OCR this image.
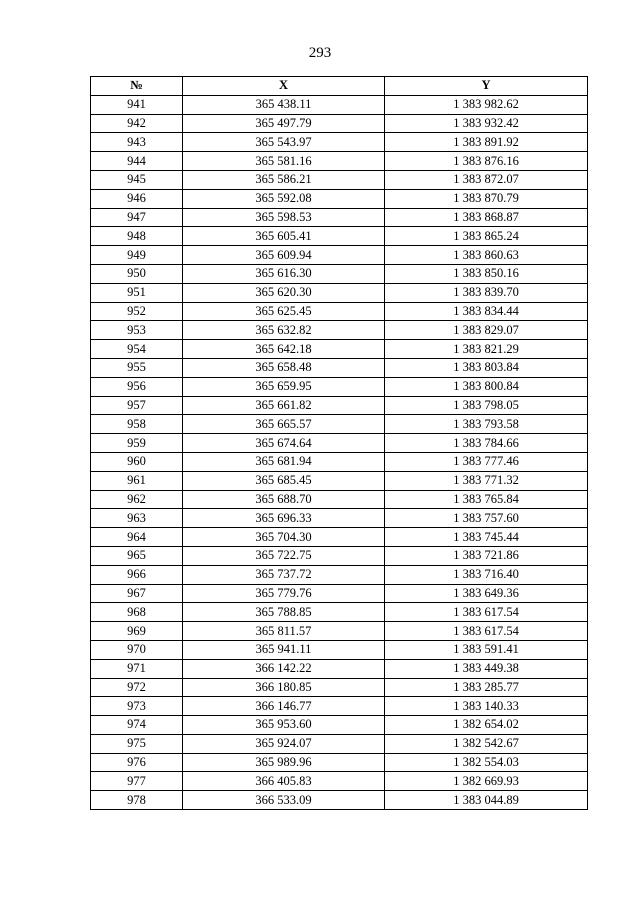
293
№	X	Y
941	365 438.11	1 383 982.62
942	365 497.79	1 383 932.42
943	365 543.97	1 383 891.92
944	365 581.16	1 383 876.16
945	365 586.21	1 383 872.07
946	365 592.08	1 383 870.79
947	365 598.53	1 383 868.87
948	365 605.41	1 383 865.24
949	365 609.94	1 383 860.63
950	365 616.30	1 383 850.16
951	365 620.30	1 383 839.70
952	365 625.45	1 383 834.44
953	365 632.82	1 383 829.07
954	365 642.18	1 383 821.29
955	365 658.48	1 383 803.84
956	365 659.95	1 383 800.84
957	365 661.82	1 383 798.05
958	365 665.57	1 383 793.58
959	365 674.64	1 383 784.66
960	365 681.94	1 383 777.46
961	365 685.45	1 383 771.32
962	365 688.70	1 383 765.84
963	365 696.33	1 383 757.60
964	365 704.30	1 383 745.44
965	365 722.75	1 383 721.86
966	365 737.72	1 383 716.40
967	365 779.76	1 383 649.36
968	365 788.85	1 383 617.54
969	365 811.57	1 383 617.54
970	365 941.11	1 383 591.41
971	366 142.22	1 383 449.38
972	366 180.85	1 383 285.77
973	366 146.77	1 383 140.33
974	365 953.60	1 382 654.02
975	365 924.07	1 382 542.67
976	365 989.96	1 382 554.03
977	366 405.83	1 382 669.93
978	366 533.09	1 383 044.89
